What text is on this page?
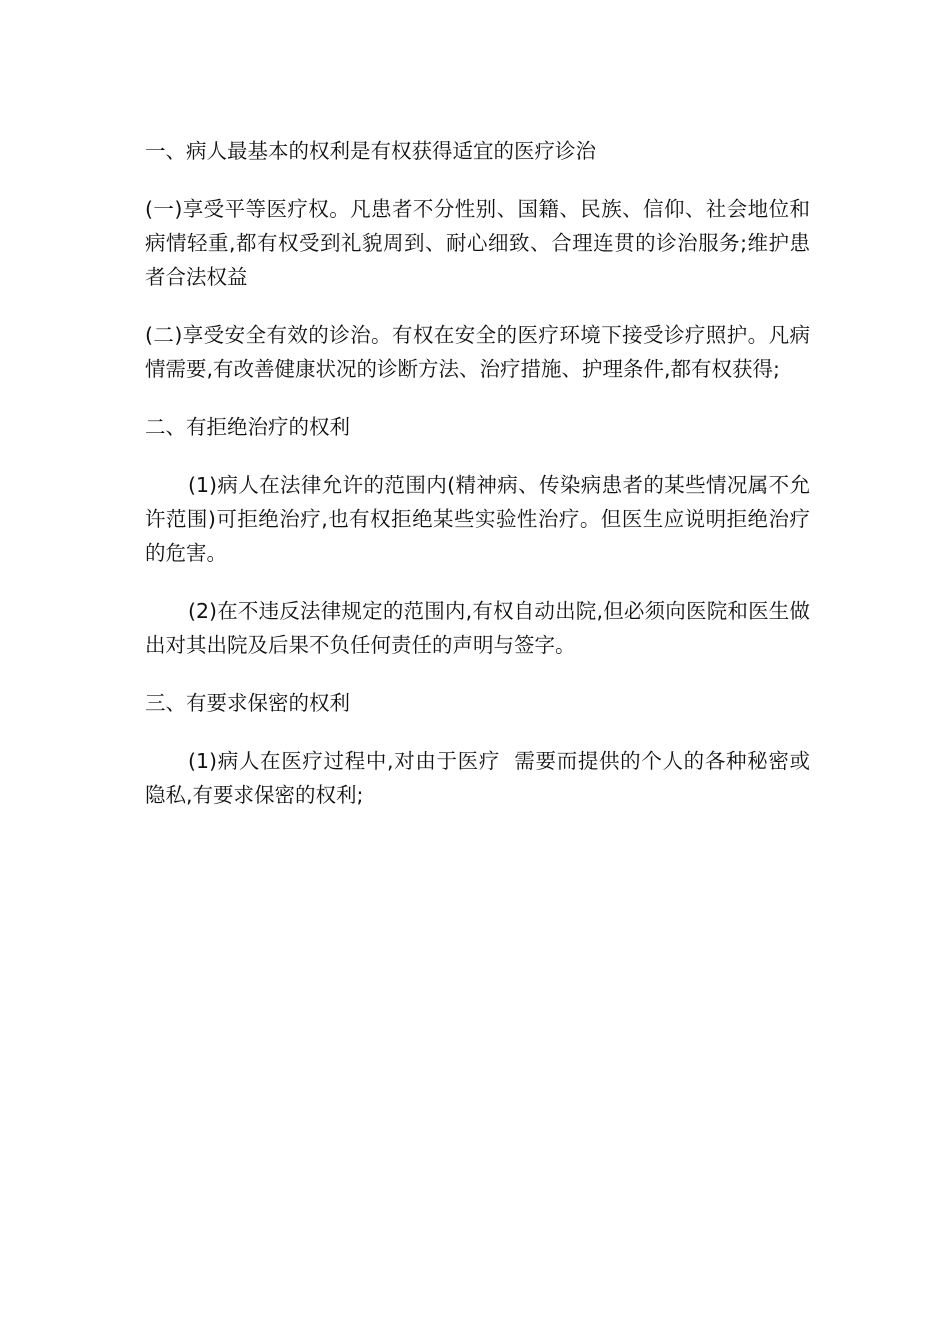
一、病人最基本的权利是有权获得适宜的医疗诊治

(一)享受平等医疗权。凡患者不分性别、国籍、民族、信仰、社会地位和病情轻重,都有权受到礼貌周到、耐心细致、合理连贯的诊治服务;维护患者合法权益

(二)享受安全有效的诊治。有权在安全的医疗环境下接受诊疗照护。凡病情需要,有改善健康状况的诊断方法、治疗措施、护理条件,都有权获得;

二、有拒绝治疗的权利

(1)病人在法律允许的范围内(精神病、传染病患者的某些情况属不允许范围)可拒绝治疗,也有权拒绝某些实验性治疗。但医生应说明拒绝治疗的危害。

(2)在不违反法律规定的范围内,有权自动出院,但必须向医院和医生做出对其出院及后果不负任何责任的声明与签字。

三、有要求保密的权利

(1)病人在医疗过程中,对由于医疗  需要而提供的个人的各种秘密或隐私,有要求保密的权利;
